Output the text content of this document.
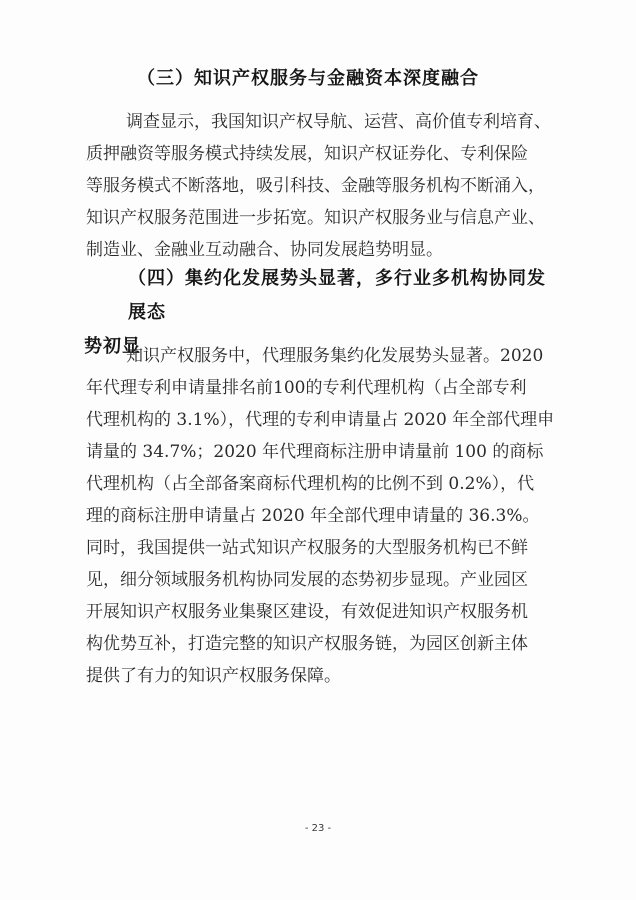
（三）知识产权服务与金融资本深度融合
调查显示，我国知识产权导航、运营、高价值专利培育、
质押融资等服务模式持续发展，知识产权证券化、专利保险
等服务模式不断落地，吸引科技、金融等服务机构不断涌入，
知识产权服务范围进一步拓宽。知识产权服务业与信息产业、
制造业、金融业互动融合、协同发展趋势明显。
（四）集约化发展势头显著，多行业多机构协同发展态
势初显
知识产权服务中，代理服务集约化发展势头显著。2020
年代理专利申请量排名前100的专利代理机构（占全部专利
代理机构的 3.1%），代理的专利申请量占 2020 年全部代理申
请量的 34.7%；2020 年代理商标注册申请量前 100 的商标
代理机构（占全部备案商标代理机构的比例不到 0.2%），代
理的商标注册申请量占 2020 年全部代理申请量的 36.3%。
同时，我国提供一站式知识产权服务的大型服务机构已不鲜
见，细分领域服务机构协同发展的态势初步显现。产业园区
开展知识产权服务业集聚区建设，有效促进知识产权服务机
构优势互补，打造完整的知识产权服务链，为园区创新主体
提供了有力的知识产权服务保障。
- 23 -
